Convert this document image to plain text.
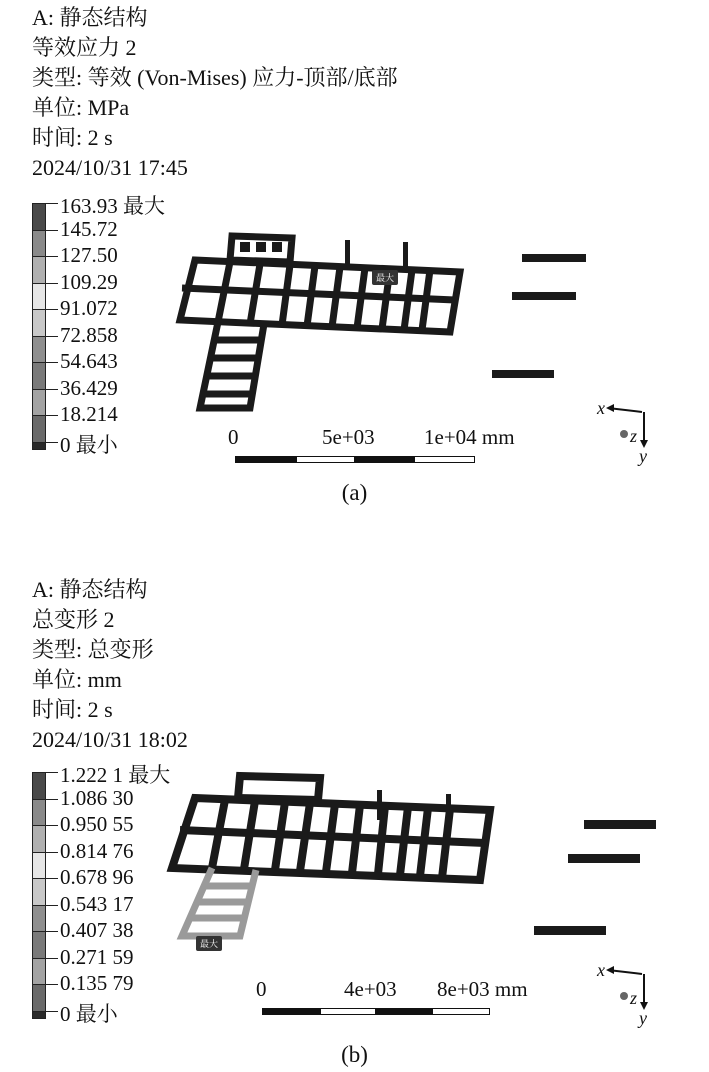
A: 静态结构
等效应力 2
类型: 等效 (Von-Mises) 应力-顶部/底部
单位: MPa
时间: 2 s
2024/10/31 17:45
163.93 最大
145.72
127.50
109.29
91.072
72.858
54.643
36.429
18.214
0 最小
最大
0	5e+03 1e+04 mm
x
z
y
(a)
A: 静态结构
总变形 2
类型: 总变形
单位: mm
时间: 2 s
2024/10/31 18:02
1.222 1 最大
1.086 30
0.950 55
0.814 76
0.678 96
0.543 17
0.407 38
0.271 59
0.135 79
0 最小
最大
0	4e+03 8e+03 mm
x
z
y
(b)
